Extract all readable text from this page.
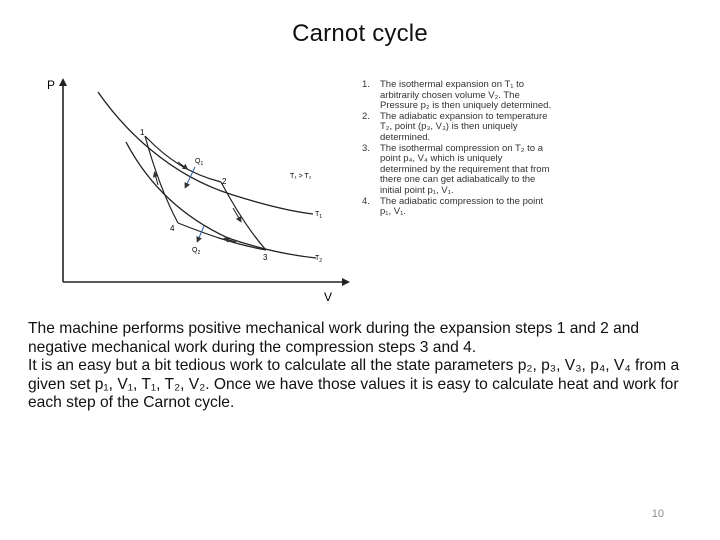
Carnot cycle
P
V
1
2
3
4
$Q_1$
$Q_2$
T₁ > T₂
$T_1$
$T_2$
1. The isothermal expansion on T₁ to arbitrarily chosen volume V₂. The Pressure p₂ is then uniquely determined.
2. The adiabatic expansion to temperature T₂, point (p₃, V₃) is then uniquely determined.
3. The isothermal compression on T₂ to a point p₄, V₄ which is uniquely determined by the requirement that from there one can get adiabatically to the initial point p₁, V₁.
4. The adiabatic compression to the point p₁, V₁.

The machine performs positive mechanical work during the expansion steps 1 and 2 and negative mechanical work during the compression steps 3 and 4.

It is an easy but a bit tedious work to calculate all the state parameters p₂, p₃, V₃, p₄, V₄ from a given set p₁, V₁, T₁, T₂, V₂. Once we have those values it is easy to calculate heat and work for each step of the Carnot cycle.

10
